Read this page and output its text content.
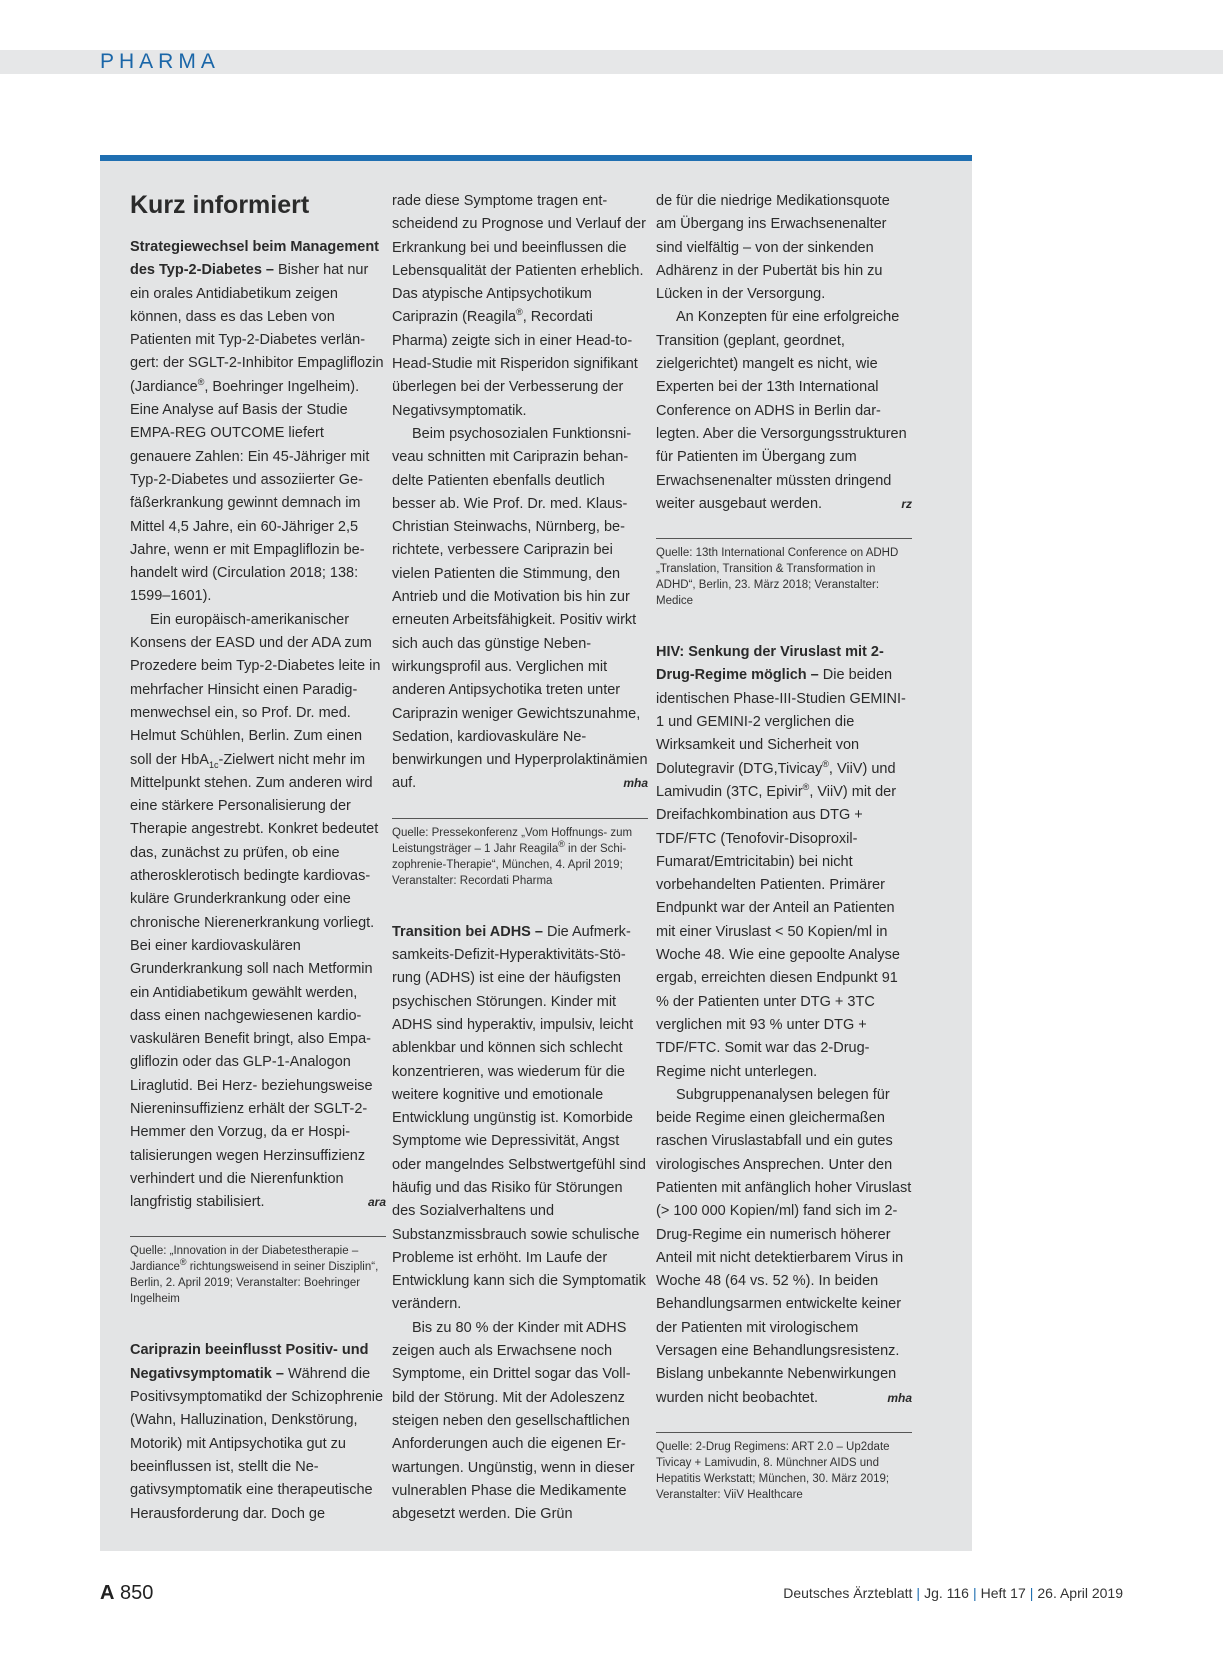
PHARMA
Kurz informiert

Strategiewechsel beim Management des Typ-2-Diabetes – Bisher hat nur ein orales Antidiabetikum zeigen können, dass es das Leben von Patienten mit Typ-2-Diabetes verlängert: der SGLT-2-Inhibitor Empagliflozin (Jardiance®, Boehringer Ingelheim). Eine Analyse auf Basis der Studie EMPA-REG OUTCOME liefert genauere Zahlen: Ein 45-Jähriger mit Typ-2-Diabetes und assoziierter Gefäßerkrankung gewinnt demnach im Mittel 4,5 Jahre, ein 60-Jähriger 2,5 Jahre, wenn er mit Empagliflozin behandelt wird (Circulation 2018; 138: 1599–1601).

Ein europäisch-amerikanischer Konsens der EASD und der ADA zum Prozedere beim Typ-2-Diabetes leite in mehrfacher Hinsicht einen Paradigmenwechsel ein, so Prof. Dr. med. Helmut Schühlen, Berlin. Zum einen soll der HbA$_{1c}$-Zielwert nicht mehr im Mittelpunkt stehen. Zum anderen wird eine stärkere Personalisierung der Therapie angestrebt. Konkret bedeutet das, zunächst zu prüfen, ob eine atherosklerotisch bedingte kardiovaskuläre Grunderkrankung oder eine chronische Nierenerkrankung vorliegt. Bei einer kardiovaskulären Grunderkrankung soll nach Metformin ein Antidiabetikum gewählt werden, dass einen nachgewiesenen kardiovaskulären Benefit bringt, also Empagliflozin oder das GLP-1-Analogon Liraglutid. Bei Herz- beziehungsweise Niereninsuffizienz erhält der SGLT-2-Hemmer den Vorzug, da er Hospitalisierungen wegen Herzinsuffizienz verhindert und die Nierenfunktion langfristig stabilisiert.	ara

Quelle: „Innovation in der Diabetestherapie – Jardiance® richtungsweisend in seiner Disziplin“, Berlin, 2. April 2019; Veranstalter: Boehringer Ingelheim

Cariprazin beeinflusst Positiv- und Negativsymptomatik – Während die Positivsymptomatikd der Schizophrenie (Wahn, Halluzination, Denkstörung, Motorik) mit Antipsychotika gut zu beeinflussen ist, stellt die Negativsymptomatik eine therapeutische Herausforderung dar. Doch ge

rade diese Symptome tragen entscheidend zu Prognose und Verlauf der Erkrankung bei und beeinflussen die Lebensqualität der Patienten erheblich. Das atypische Antipsychotikum Cariprazin (Reagila®, Recordati Pharma) zeigte sich in einer Head-to-Head-Studie mit Risperidon signifikant überlegen bei der Verbesserung der Negativsymptomatik.

Beim psychosozialen Funktionsniveau schnitten mit Cariprazin behandelte Patienten ebenfalls deutlich besser ab. Wie Prof. Dr. med. Klaus-Christian Steinwachs, Nürnberg, berichtete, verbessere Cariprazin bei vielen Patienten die Stimmung, den Antrieb und die Motivation bis hin zur erneuten Arbeitsfähigkeit. Positiv wirkt sich auch das günstige Nebenwirkungsprofil aus. Verglichen mit anderen Antipsychotika treten unter Cariprazin weniger Gewichtszunahme, Sedation, kardiovaskuläre Nebenwirkungen und Hyperprolaktinämien auf.	mha

Quelle: Pressekonferenz „Vom Hoffnungs- zum Leistungsträger – 1 Jahr Reagila® in der Schizophrenie-Therapie“, München, 4. April 2019; Veranstalter: Recordati Pharma

Transition bei ADHS – Die Aufmerksamkeits-Defizit-Hyperaktivitäts-Störung (ADHS) ist eine der häufigsten psychischen Störungen. Kinder mit ADHS sind hyperaktiv, impulsiv, leicht ablenkbar und können sich schlecht konzentrieren, was wiederum für die weitere kognitive und emotionale Entwicklung ungünstig ist. Komorbide Symptome wie Depressivität, Angst oder mangelndes Selbstwertgefühl sind häufig und das Risiko für Störungen des Sozialverhaltens und Substanzmissbrauch sowie schulische Probleme ist erhöht. Im Laufe der Entwicklung kann sich die Symptomatik verändern.

Bis zu 80 % der Kinder mit ADHS zeigen auch als Erwachsene noch Symptome, ein Drittel sogar das Vollbild der Störung. Mit der Adoleszenz steigen neben den gesellschaftlichen Anforderungen auch die eigenen Erwartungen. Ungünstig, wenn in dieser vulnerablen Phase die Medikamente abgesetzt werden. Die Grün

de für die niedrige Medikationsquote am Übergang ins Erwachsenenalter sind vielfältig – von der sinkenden Adhärenz in der Pubertät bis hin zu Lücken in der Versorgung.

An Konzepten für eine erfolgreiche Transition (geplant, geordnet, zielgerichtet) mangelt es nicht, wie Experten bei der 13th International Conference on ADHS in Berlin darlegten. Aber die Versorgungsstrukturen für Patienten im Übergang zum Erwachsenenalter müssten dringend weiter ausgebaut werden.	rz

Quelle: 13th International Conference on ADHD „Translation, Transition & Transformation in ADHD“, Berlin, 23. März 2018; Veranstalter: Medice

HIV: Senkung der Viruslast mit 2-Drug-Regime möglich – Die beiden identischen Phase-III-Studien GEMINI-1 und GEMINI-2 verglichen die Wirksamkeit und Sicherheit von Dolutegravir (DTG,Tivicay®, ViiV) und Lamivudin (3TC, Epivir®, ViiV) mit der Dreifachkombination aus DTG + TDF/FTC (Tenofovir-Disoproxil-Fumarat/Emtricitabin) bei nicht vorbehandelten Patienten. Primärer Endpunkt war der Anteil an Patienten mit einer Viruslast < 50 Kopien/ml in Woche 48. Wie eine gepoolte Analyse ergab, erreichten diesen Endpunkt 91 % der Patienten unter DTG + 3TC verglichen mit 93 % unter DTG + TDF/FTC. Somit war das 2-Drug-Regime nicht unterlegen.

Subgruppenanalysen belegen für beide Regime einen gleichermaßen raschen Viruslastabfall und ein gutes virologisches Ansprechen. Unter den Patienten mit anfänglich hoher Viruslast (> 100 000 Kopien/ml) fand sich im 2-Drug-Regime ein numerisch höherer Anteil mit nicht detektierbarem Virus in Woche 48 (64 vs. 52 %). In beiden Behandlungsarmen entwickelte keiner der Patienten mit virologischem Versagen eine Behandlungsresistenz. Bislang unbekannte Nebenwirkungen wurden nicht beobachtet.	mha

Quelle: 2-Drug Regimens: ART 2.0 – Up2date Tivicay + Lamivudin, 8. Münchner AIDS und Hepatitis Werkstatt; München, 30. März 2019; Veranstalter: ViiV Healthcare
A 850	Deutsches Ärzteblatt | Jg. 116 | Heft 17 | 26. April 2019
